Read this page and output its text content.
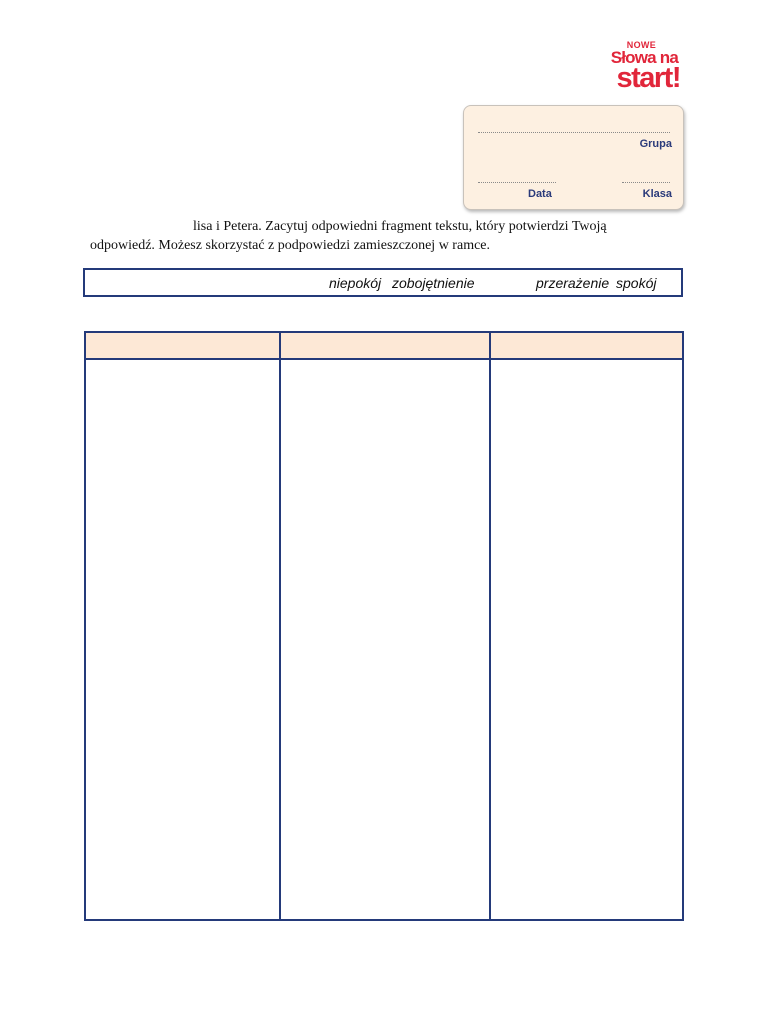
NOWE
Słowa na
start!
Grupa
Data	Klasa
lisa i Petera. Zacytuj odpowiedni fragment tekstu, który potwierdzi Twoją
odpowiedź. Możesz skorzystać z podpowiedzi zamieszczonej w ramce.
niepokój zobojętnienie	przerażenie spokój
